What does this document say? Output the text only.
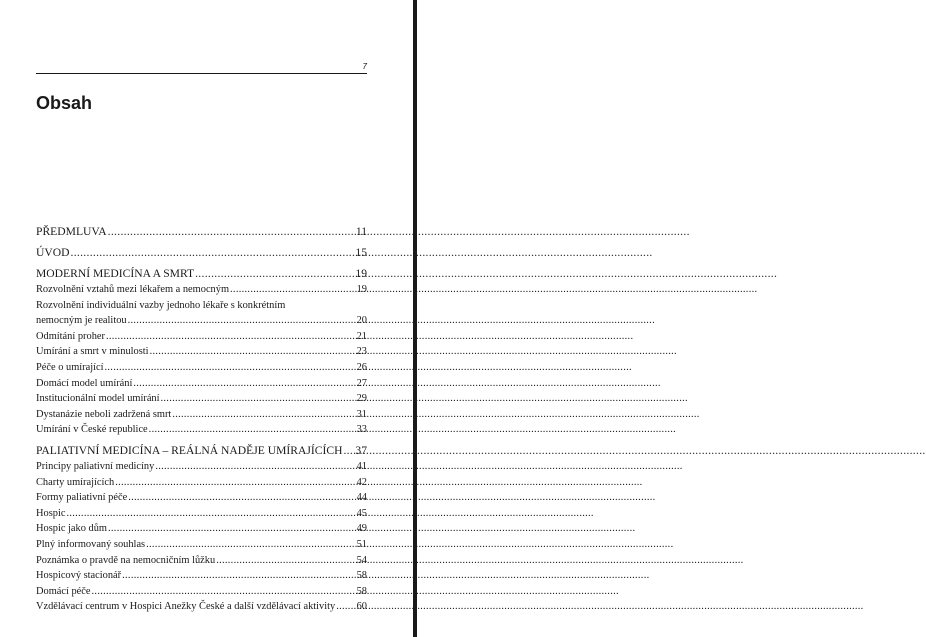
7
Obsah
PŘEDMLUVA .....	11
ÚVOD .....	15
MODERNÍ MEDICÍNA A SMRT .....	19
Rozvolnění vztahů mezi lékařem a nemocným .....	19
Rozvolnění individuální vazby jednoho lékaře s konkrétním
nemocným je realitou .....	20
Odmítání proher .....	21
Umírání a smrt v minulosti .....	23
Péče o umírající .....	26
Domácí model umírání .....	27
Institucionální model umírání .....	29
Dystanázie neboli zadržená smrt .....	31
Umírání v České republice .....	33
PALIATIVNÍ MEDICÍNA – REÁLNÁ NADĚJE UMÍRAJÍCÍCH ..... 37
Principy paliativní medicíny .....	41
Charty umírajících .....	42
Formy paliativní péče .....	44
Hospic .....	45
Hospic jako dům .....	49
Plný informovaný souhlas .....	51
Poznámka o pravdě na nemocničním lůžku .....	54
Hospicový stacionář .....	58
Domácí péče .....	58
Vzdělávací centrum v Hospici Anežky České a další vzdělávací aktivity ..... 60
